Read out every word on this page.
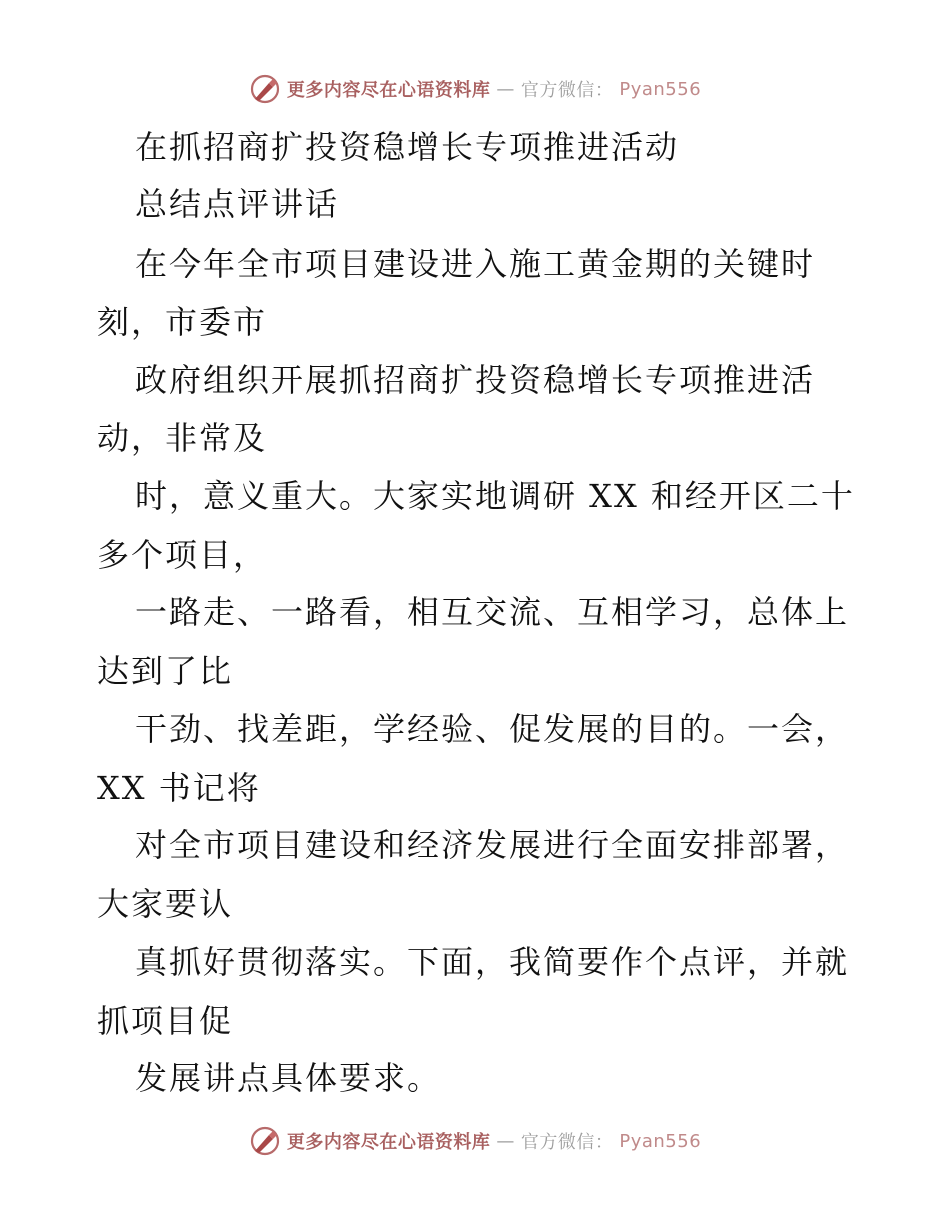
更多内容尽在心语资料库 — 官方微信： Pyan556
在抓招商扩投资稳增长专项推进活动
总结点评讲话
在今年全市项目建设进入施工黄金期的关键时
刻，市委市
政府组织开展抓招商扩投资稳增长专项推进活
动，非常及
时，意义重大。大家实地调研 XX 和经开区二十
多个项目，
一路走、一路看，相互交流、互相学习，总体上
达到了比
干劲、找差距，学经验、促发展的目的。一会，
XX 书记将
对全市项目建设和经济发展进行全面安排部署，
大家要认
真抓好贯彻落实。下面，我简要作个点评，并就
抓项目促
发展讲点具体要求。
更多内容尽在心语资料库 — 官方微信： Pyan556
